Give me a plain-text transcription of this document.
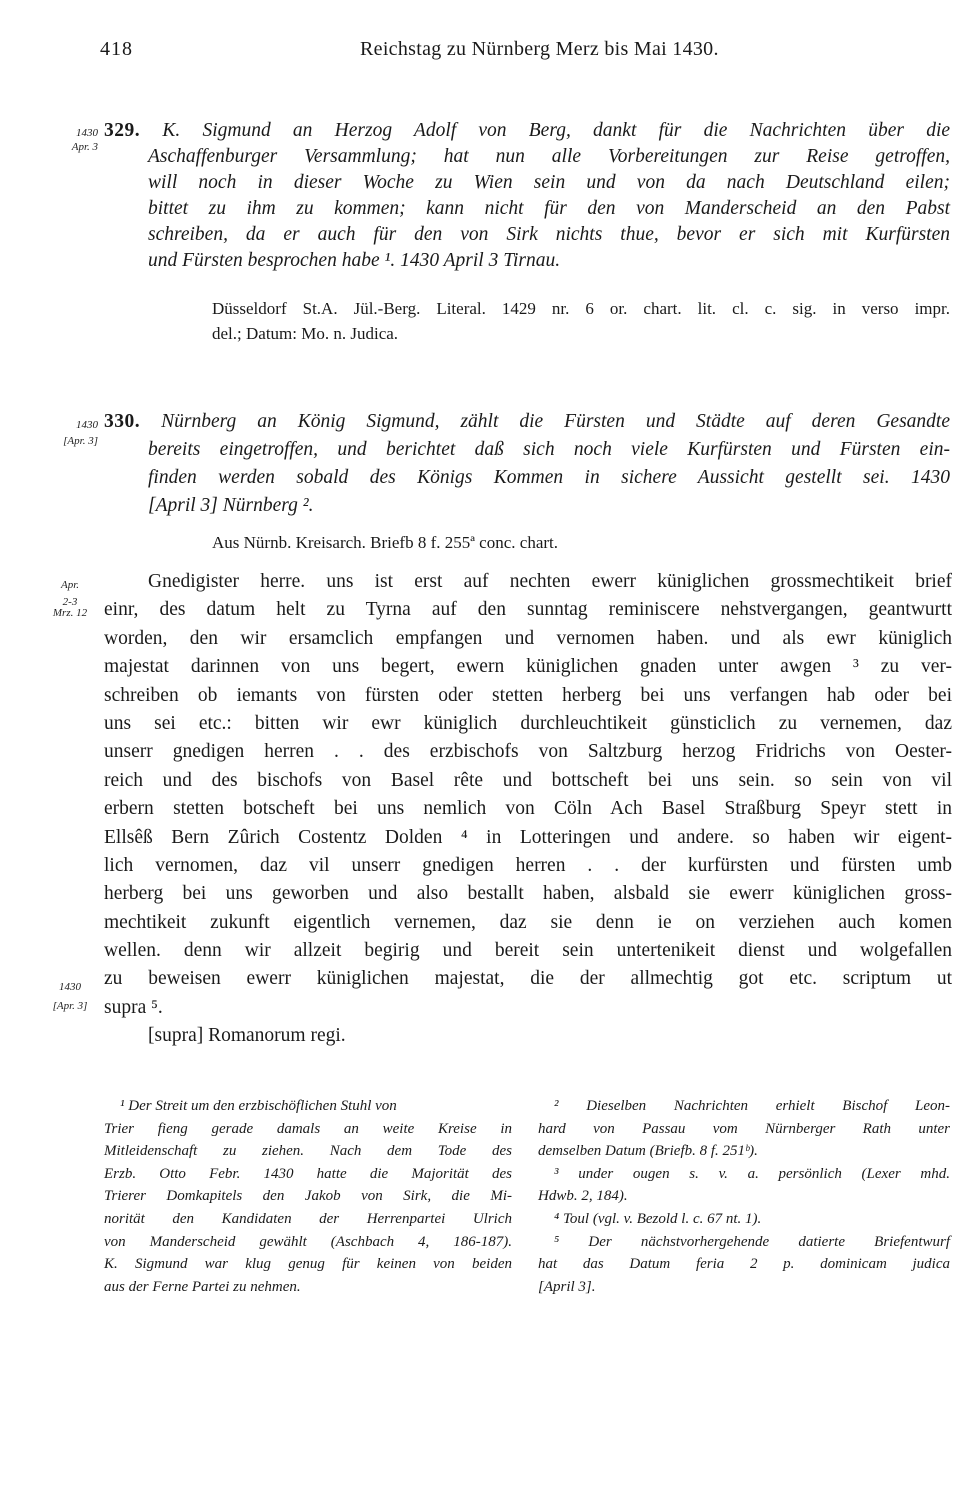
418	Reichstag zu Nürnberg Merz bis Mai 1430.
1430
Apr. 3
329. K. Sigmund an Herzog Adolf von Berg, dankt für die Nachrichten über die
Aschaffenburger Versammlung; hat nun alle Vorbereitungen zur Reise getroffen,
will noch in dieser Woche zu Wien sein und von da nach Deutschland eilen;
bittet zu ihm zu kommen; kann nicht für den von Manderscheid an den Pabst
schreiben, da er auch für den von Sirk nichts thue, bevor er sich mit Kurfürsten
und Fürsten besprochen habe ¹. 1430 April 3 Tirnau.
Düsseldorf St.A. Jül.-Berg. Literal. 1429 nr. 6 or. chart. lit. cl. c. sig. in verso impr.
del.; Datum: Mo. n. Judica.
1430
[Apr. 3]
330. Nürnberg an König Sigmund, zählt die Fürsten und Städte auf deren Gesandte
bereits eingetroffen, und berichtet daß sich noch viele Kurfürsten und Fürsten ein-
finden werden sobald des Königs Kommen in sichere Aussicht gestellt sei. 1430
[April 3] Nürnberg ².
Aus Nürnb. Kreisarch. Briefb 8 f. 255ª conc. chart.
Apr.
2-3
Mrz. 12
1430
[Apr. 3]
Gnedigister herre. uns ist erst auf nechten ewerr küniglichen grossmechtikeit brief
einr, des datum helt zu Tyrna auf den sunntag reminiscere nehstvergangen, geantwurtt
worden, den wir ersamclich empfangen und vernomen haben. und als ewr küniglich
majestat darinnen von uns begert, ewern küniglichen gnaden unter awgen ³ zu ver-
schreiben ob iemants von fürsten oder stetten herberg bei uns verfangen hab oder bei
uns sei etc.: bitten wir ewr küniglich durchleuchtikeit günsticlich zu vernemen, daz
unserr gnedigen herren . . des erzbischofs von Saltzburg herzog Fridrichs von Oester-
reich und des bischofs von Basel rête und bottscheft bei uns sein. so sein von vil
erbern stetten botscheft bei uns nemlich von Cöln Ach Basel Straßburg Speyr stett in
Ellsêß Bern Zûrich Costentz Dolden ⁴ in Lotteringen und andere. so haben wir eigent-
lich vernomen, daz vil unserr gnedigen herren . . der kurfürsten und fürsten umb
herberg bei uns geworben und also bestallt haben, alsbald sie ewerr küniglichen gross-
mechtikeit zukunft eigentlich vernemen, daz sie denn ie on verziehen auch komen
wellen. denn wir allzeit begirig und bereit sein untertenikeit dienst und wolgefallen
zu beweisen ewerr küniglichen majestat, die der allmechtig got etc. scriptum ut
supra ⁵.
[supra] Romanorum regi.
¹ Der Streit um den erzbischöflichen Stuhl von
Trier fieng gerade damals an weite Kreise in
Mitleidenschaft zu ziehen. Nach dem Tode des
Erzb. Otto Febr. 1430 hatte die Majorität des
Trierer Domkapitels den Jakob von Sirk, die Mi-
norität den Kandidaten der Herrenpartei Ulrich
von Manderscheid gewählt (Aschbach 4, 186-187).
K. Sigmund war klug genug für keinen von beiden
aus der Ferne Partei zu nehmen.
² Dieselben Nachrichten erhielt Bischof Leon-
hard von Passau vom Nürnberger Rath unter
demselben Datum (Briefb. 8 f. 251ᵇ).
³ under ougen s. v. a. persönlich (Lexer mhd.
Hdwb. 2, 184).
⁴ Toul (vgl. v. Bezold l. c. 67 nt. 1).
⁵ Der nächstvorhergehende datierte Briefentwurf
hat das Datum feria 2 p. dominicam judica
[April 3].
